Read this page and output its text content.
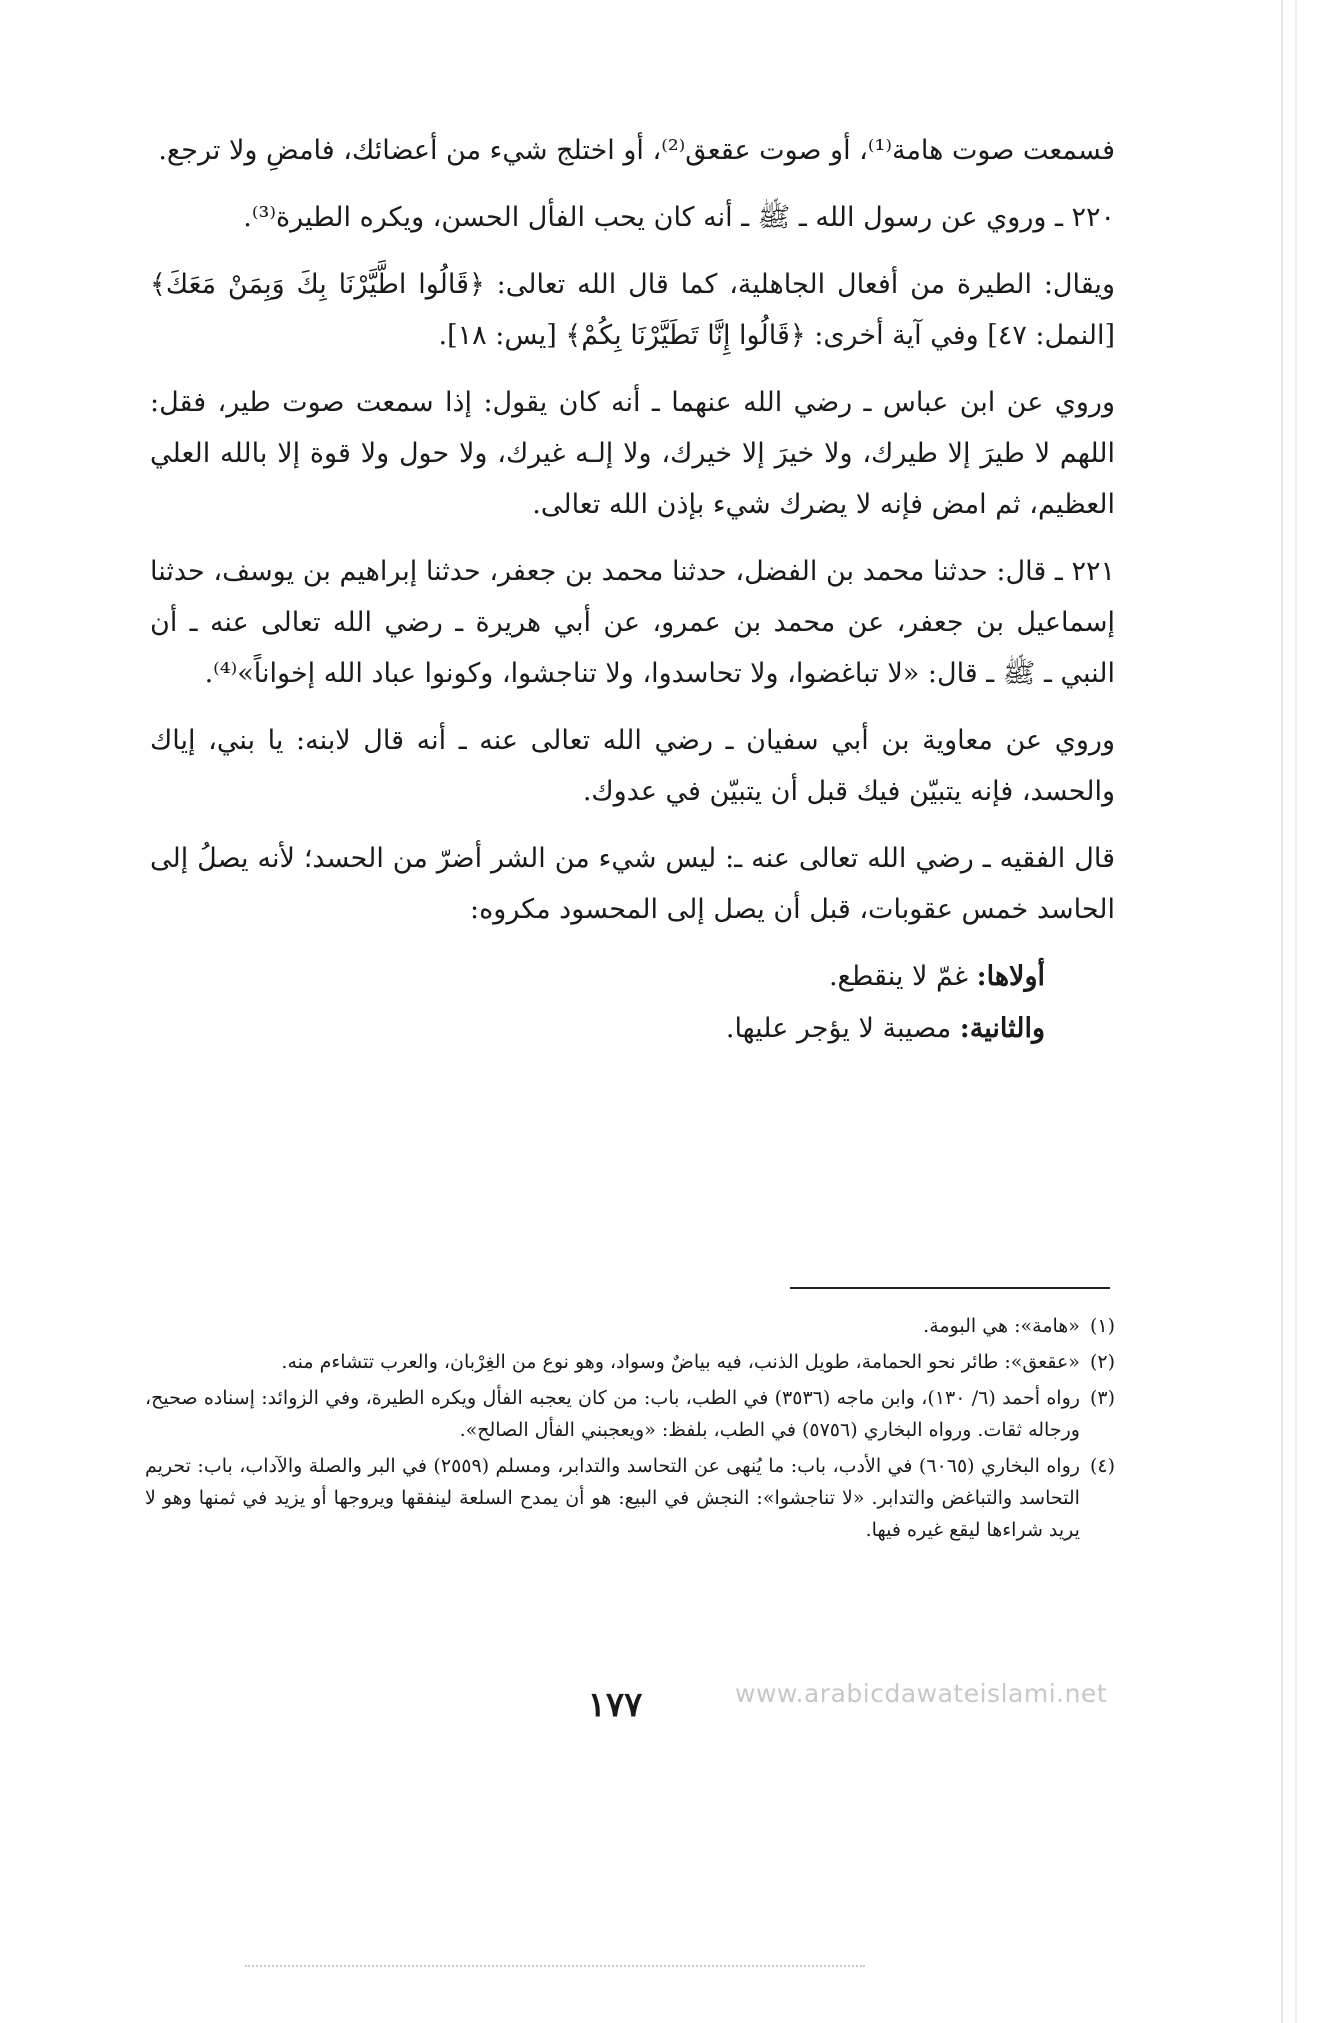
فسمعت صوت هامة⁽¹⁾، أو صوت عقعق⁽²⁾، أو اختلج شيء من أعضائك، فامضِ ولا ترجع.

٢٢٠ ـ وروي عن رسول الله ـ ﷺ ـ أنه كان يحب الفأل الحسن، ويكره الطيرة⁽³⁾.

ويقال: الطيرة من أفعال الجاهلية، كما قال الله تعالى: ﴿قَالُوا اطَّيَّرْنَا بِكَ وَبِمَنْ مَعَكَ﴾ [النمل: ٤٧] وفي آية أخرى: ﴿قَالُوا إِنَّا تَطَيَّرْنَا بِكُمْ﴾ [يس: ١٨].

وروي عن ابن عباس ـ رضي الله عنهما ـ أنه كان يقول: إذا سمعت صوت طير، فقل: اللهم لا طيرَ إلا طيرك، ولا خيرَ إلا خيرك، ولا إلـه غيرك، ولا حول ولا قوة إلا بالله العلي العظيم، ثم امض فإنه لا يضرك شيء بإذن الله تعالى.

٢٢١ ـ قال: حدثنا محمد بن الفضل، حدثنا محمد بن جعفر، حدثنا إبراهيم بن يوسف، حدثنا إسماعيل بن جعفر، عن محمد بن عمرو، عن أبي هريرة ـ رضي الله تعالى عنه ـ أن النبي ـ ﷺ ـ قال: «لا تباغضوا، ولا تحاسدوا، ولا تناجشوا، وكونوا عباد الله إخواناً»⁽⁴⁾.

وروي عن معاوية بن أبي سفيان ـ رضي الله تعالى عنه ـ أنه قال لابنه: يا بني، إياك والحسد، فإنه يتبيّن فيك قبل أن يتبيّن في عدوك.

قال الفقيه ـ رضي الله تعالى عنه ـ: ليس شيء من الشر أضرّ من الحسد؛ لأنه يصلُ إلى الحاسد خمس عقوبات، قبل أن يصل إلى المحسود مكروه:

أولاها: غمّ لا ينقطع.
والثانية: مصيبة لا يؤجر عليها.
(١)
«هامة»: هي البومة.
(٢)
«عقعق»: طائر نحو الحمامة، طويل الذنب، فيه بياضٌ وسواد، وهو نوع من الغِرْبان، والعرب تتشاءم منه.
(٣)
رواه أحمد (٦/ ١٣٠)، وابن ماجه (٣٥٣٦) في الطب، باب: من كان يعجبه الفأل ويكره الطيرة، وفي الزوائد: إسناده صحيح، ورجاله ثقات. ورواه البخاري (٥٧٥٦) في الطب، بلفظ: «ويعجبني الفأل الصالح».
(٤)
رواه البخاري (٦٠٦٥) في الأدب، باب: ما يُنهى عن التحاسد والتدابر، ومسلم (٢٥٥٩) في البر والصلة والآداب، باب: تحريم التحاسد والتباغض والتدابر. «لا تناجشوا»: النجش في البيع: هو أن يمدح السلعة لينفقها ويروجها أو يزيد في ثمنها وهو لا يريد شراءها ليقع غيره فيها.
١٧٧	www.arabicdawateislami.net
